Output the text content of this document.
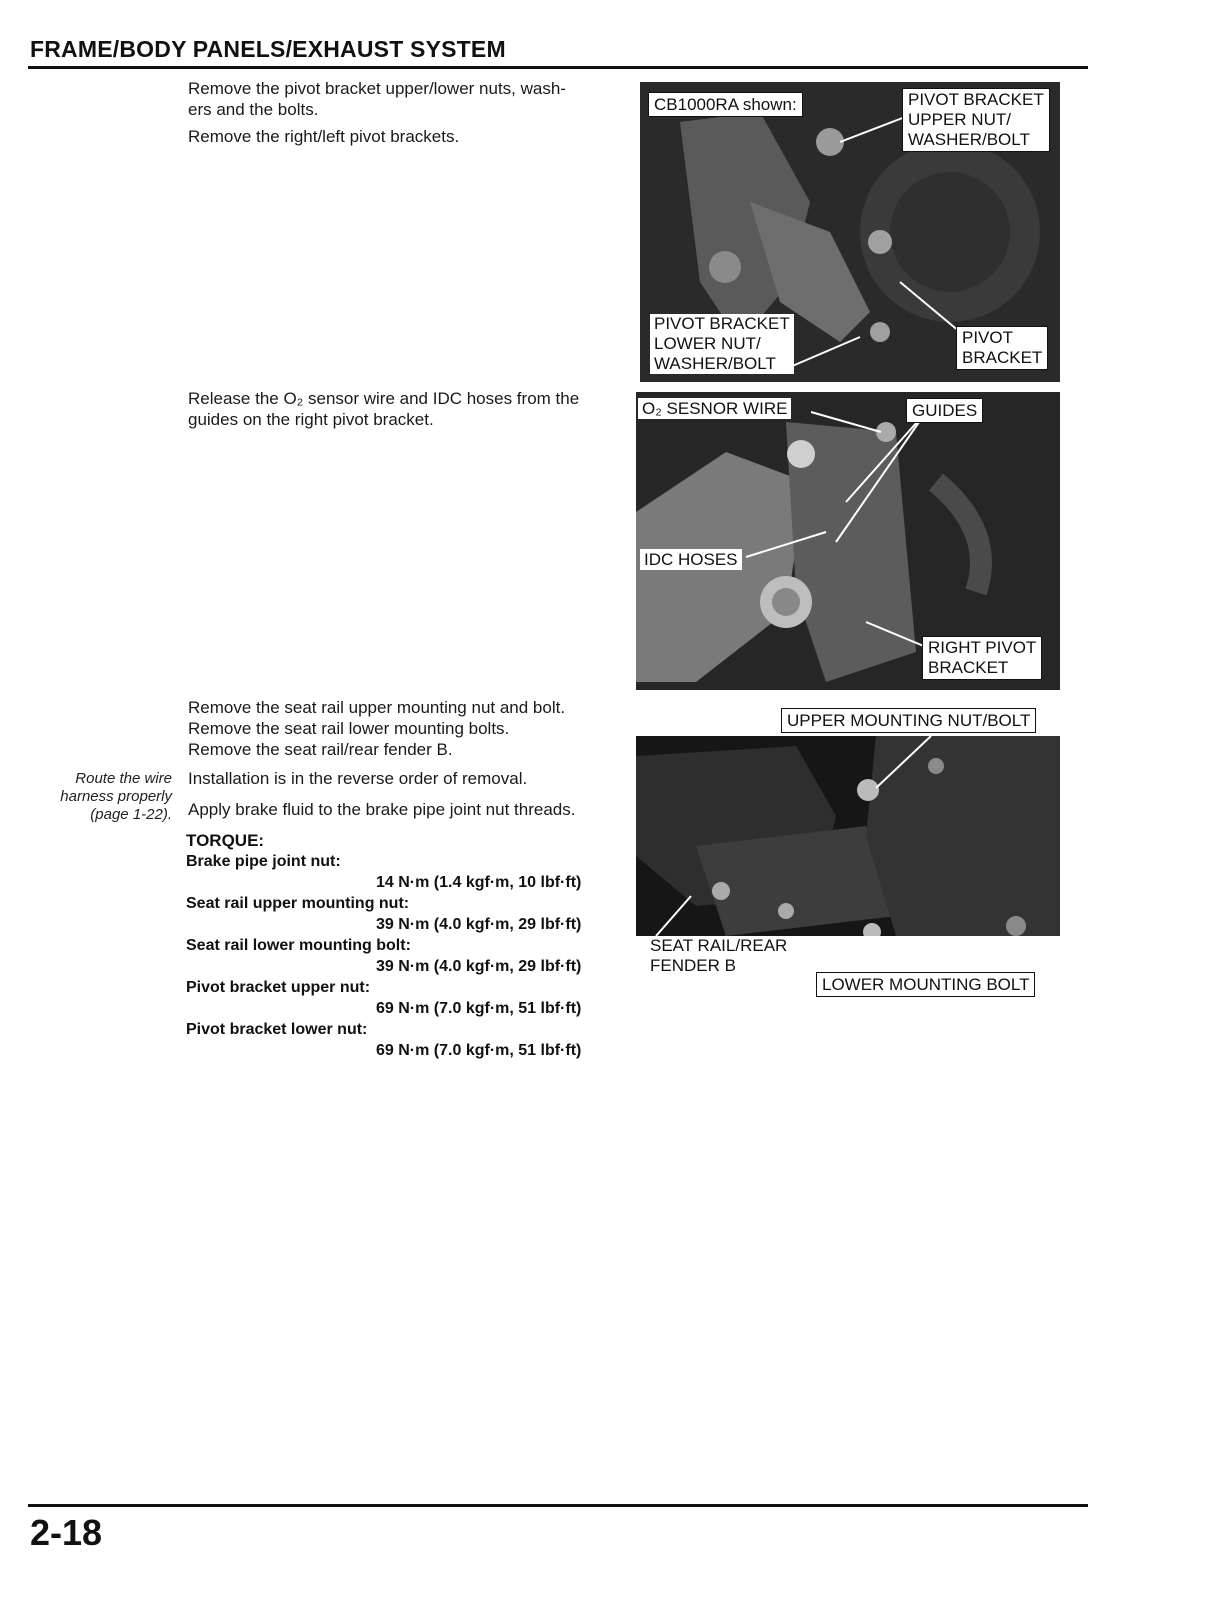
FRAME/BODY PANELS/EXHAUST SYSTEM
Remove the pivot bracket upper/lower nuts, wash-
ers and the bolts.
Remove the right/left pivot brackets.
CB1000RA shown:	PIVOT BRACKET
UPPER NUT/
WASHER/BOLT
PIVOT
BRACKET
PIVOT BRACKET
LOWER NUT/
WASHER/BOLT
Release the O₂ sensor wire and IDC hoses from the
guides on the right pivot bracket.
O₂ SESNOR WIRE	GUIDES
IDC HOSES
RIGHT PIVOT
BRACKET
Remove the seat rail upper mounting nut and bolt.
Remove the seat rail lower mounting bolts.
Remove the seat rail/rear fender B.
Route the wire
harness properly
(page 1-22).
Installation is in the reverse order of removal.
Apply brake fluid to the brake pipe joint nut threads.
TORQUE:
Brake pipe joint nut:
14 N·m (1.4 kgf·m, 10 lbf·ft)
Seat rail upper mounting nut:
39 N·m (4.0 kgf·m, 29 lbf·ft)
Seat rail lower mounting bolt:
39 N·m (4.0 kgf·m, 29 lbf·ft)
Pivot bracket upper nut:
69 N·m (7.0 kgf·m, 51 lbf·ft)
Pivot bracket lower nut:
69 N·m (7.0 kgf·m, 51 lbf·ft)
UPPER MOUNTING NUT/BOLT
SEAT RAIL/REAR
FENDER B
LOWER MOUNTING BOLT
2-18
